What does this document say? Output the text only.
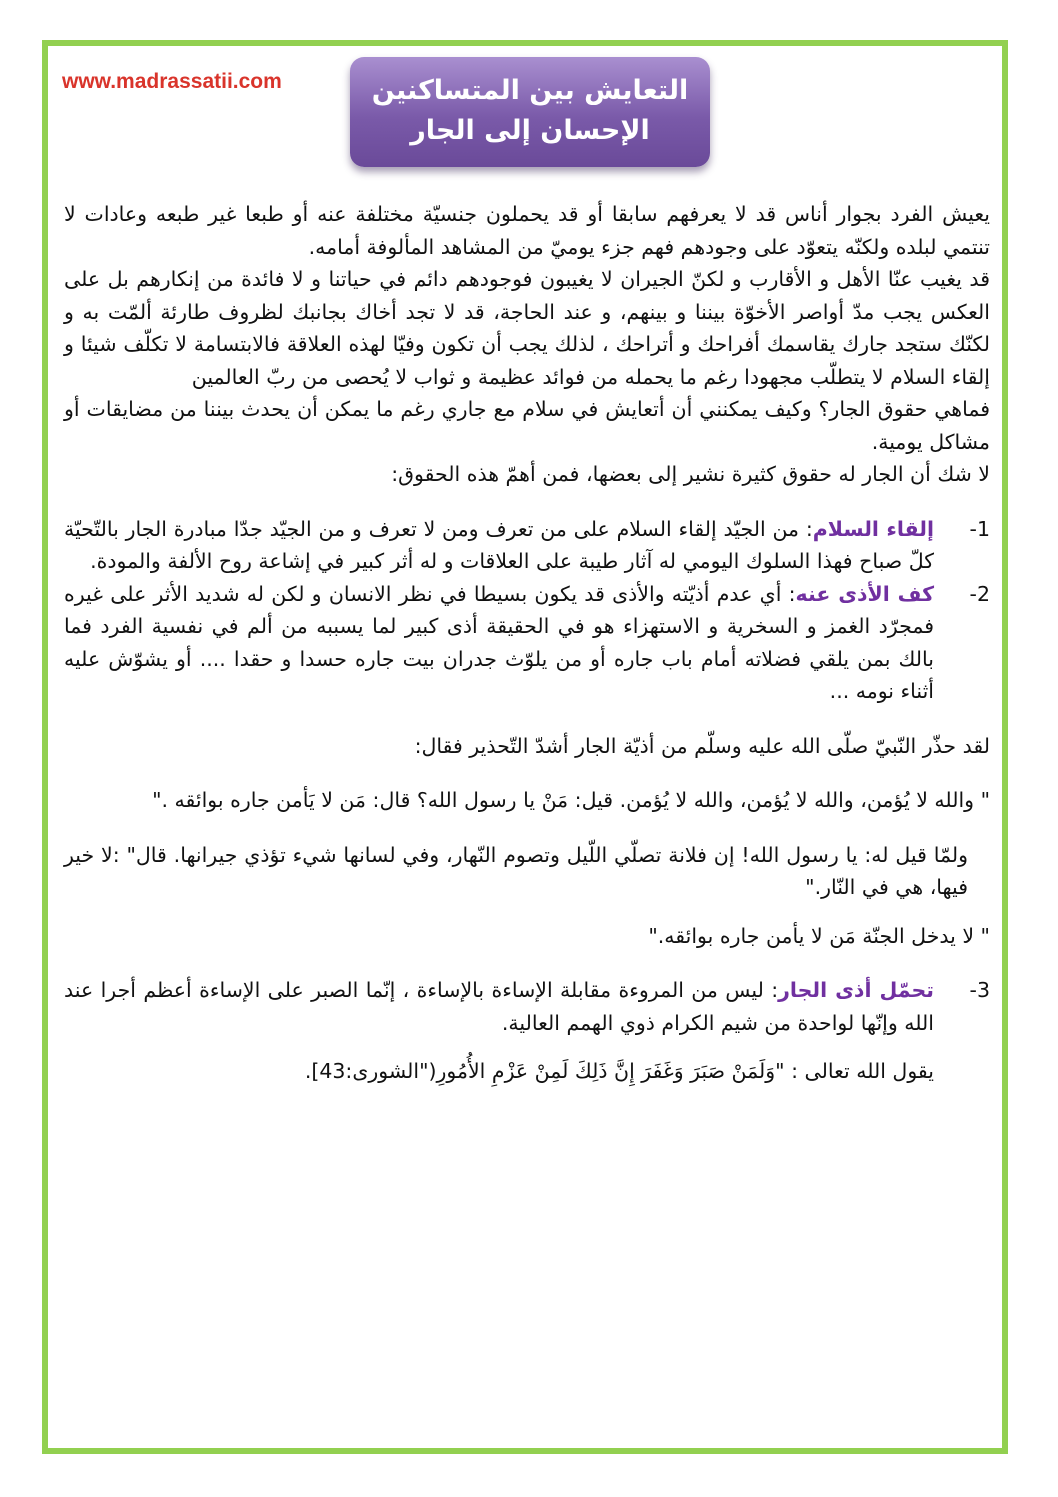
www.madrassatii.com	التعايش بين المتساكنين
الإحسان إلى الجار

يعيش الفرد بجوار أناس قد لا يعرفهم سابقا أو قد يحملون جنسيّة مختلفة عنه أو طبعا غير طبعه وعادات لا تنتمي لبلده ولكنّه يتعوّد على وجودهم فهم جزء يوميّ من المشاهد المألوفة أمامه.

قد يغيب عنّا الأهل و الأقارب و لكنّ الجيران لا يغيبون فوجودهم دائم في حياتنا و لا فائدة من إنكارهم بل على العكس يجب مدّ أواصر الأخوّة بيننا و بينهم، و عند الحاجة، قد لا تجد أخاك بجانبك لظروف طارئة ألمّت به و لكنّك ستجد جارك يقاسمك أفراحك و أتراحك ، لذلك يجب أن تكون وفيّا لهذه العلاقة فالابتسامة لا تكلّف شيئا و إلقاء السلام لا يتطلّب مجهودا رغم ما يحمله من فوائد عظيمة و ثواب لا يُحصى من ربّ العالمين

فماهي حقوق الجار؟ وكيف يمكنني أن أتعايش في سلام مع جاري رغم ما يمكن أن يحدث بيننا من مضايقات أو مشاكل يومية.

لا شك أن الجار له حقوق كثيرة نشير إلى بعضها، فمن أهمّ هذه الحقوق:

-1
إلقاء السلام: من الجيّد إلقاء السلام على من تعرف ومن لا تعرف و من الجيّد جدّا مبادرة الجار بالتّحيّة كلّ صباح فهذا السلوك اليومي له آثار طيبة على العلاقات و له أثر كبير في إشاعة روح الألفة والمودة.
-2
كف الأذى عنه: أي عدم أذيّته والأذى قد يكون بسيطا في نظر الانسان و لكن له شديد الأثر على غيره فمجرّد الغمز و السخرية و الاستهزاء هو في الحقيقة أذى كبير لما يسببه من ألم في نفسية الفرد فما بالك بمن يلقي فضلاته أمام باب جاره أو من يلوّث جدران بيت جاره حسدا و حقدا .... أو يشوّش عليه أثناء نومه ...

لقد حذّر النّبيّ صلّى الله عليه وسلّم من أذيّة الجار أشدّ التّحذير فقال:

" والله لا يُؤمن، والله لا يُؤمن، والله لا يُؤمن. قيل: مَنْ يا رسول الله؟ قال: مَن لا يَأمن جاره بوائقه ."

ولمّا قيل له: يا رسول الله! إن فلانة تصلّي اللّيل وتصوم النّهار، وفي لسانها شيء تؤذي جيرانها. قال" :لا خير فيها، هي في النّار."

" لا يدخل الجنّة مَن لا يأمن جاره بوائقه."

-3
تحمّل أذى الجار: ليس من المروءة مقابلة الإساءة بالإساءة ، إنّما الصبر على الإساءة أعظم أجرا عند الله وإنّها لواحدة من شيم الكرام ذوي الهمم العالية.

يقول الله تعالى : "وَلَمَنْ صَبَرَ وَغَفَرَ إِنَّ ذَلِكَ لَمِنْ عَزْمِ الأُمُورِ("الشورى:43].
